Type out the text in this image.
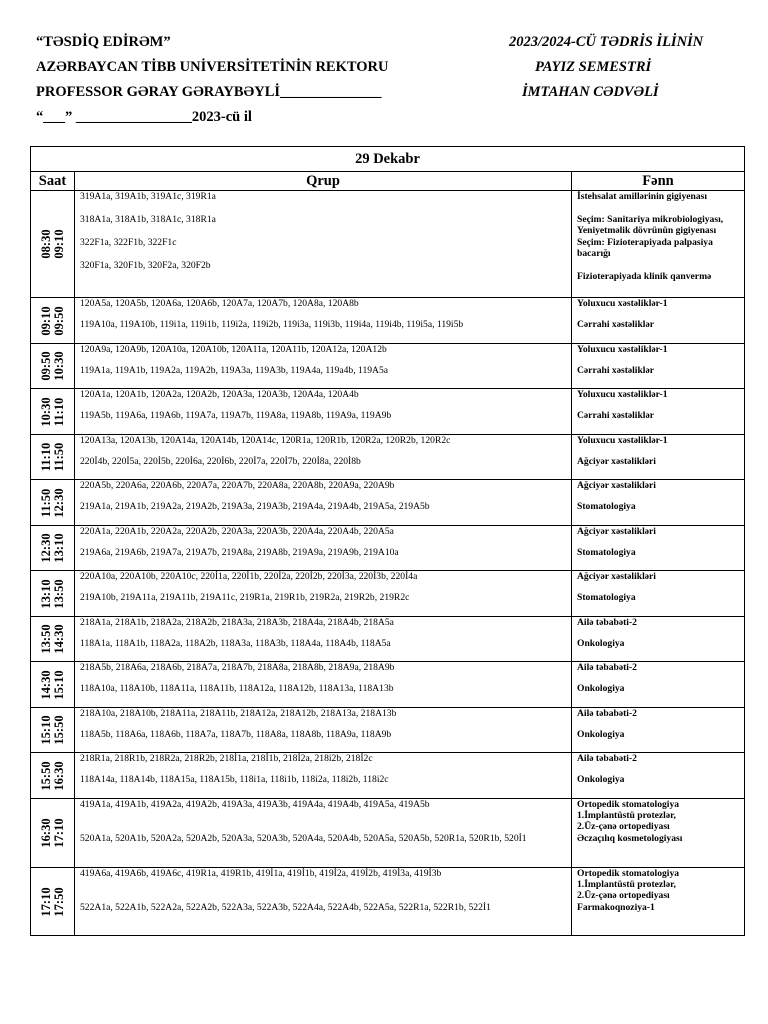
“TƏSDİQ EDİRƏM”
AZƏRBAYCAN TİBB UNİVERSİTETİNİN REKTORU
PROFESSOR GƏRAY GƏRAYBƏYLİ______________
“___” ________________2023-cü il
2023/2024-CÜ TƏDRİS İLİNİN
PAYIZ SEMESTRİ
İMTAHAN CƏDVƏLİ
29 Dekabr		
Saat	Qrup	Fənn

08:30
09:10	319A1a, 319A1b, 319A1c, 319R1a
318A1a, 318A1b, 318A1c, 318R1a
322F1a, 322F1b, 322F1c
320F1a, 320F1b, 320F2a, 320F2b	İstehsalat amillərinin gigiyenası
Seçim: Sanitariya mikrobiologiyası, Yeniyetməlik dövrünün gigiyenası
Seçim: Fizioterapiyada palpasiya bacarığı
Fizioterapiyada klinik qanvermə

09:10
09:50	120A5a, 120A5b, 120A6a, 120A6b, 120A7a, 120A7b, 120A8a, 120A8b
119A10a, 119A10b, 119i1a, 119i1b, 119i2a, 119i2b, 119i3a, 119i3b, 119i4a, 119i4b, 119i5a, 119i5b	Yoluxucu xəstəliklər-1
Cərrahi xəstəliklər

09:50
10:30	120A9a, 120A9b, 120A10a, 120A10b, 120A11a, 120A11b, 120A12a, 120A12b
119A1a, 119A1b, 119A2a, 119A2b, 119A3a, 119A3b, 119A4a, 119a4b, 119A5a	Yoluxucu xəstəliklər-1
Cərrahi xəstəliklər

10:30
11:10	120A1a, 120A1b, 120A2a, 120A2b, 120A3a, 120A3b, 120A4a, 120A4b
119A5b, 119A6a, 119A6b, 119A7a, 119A7b, 119A8a, 119A8b, 119A9a, 119A9b	Yoluxucu xəstəliklər-1
Cərrahi xəstəliklər

11:10
11:50	120A13a, 120A13b, 120A14a, 120A14b, 120A14c, 120R1a, 120R1b, 120R2a, 120R2b, 120R2c
220İ4b, 220İ5a, 220İ5b, 220İ6a, 220İ6b, 220İ7a, 220İ7b, 220İ8a, 220İ8b	Yoluxucu xəstəliklər-1
Ağciyər xəstəlikləri

11:50
12:30	220A5b, 220A6a, 220A6b, 220A7a, 220A7b, 220A8a, 220A8b, 220A9a, 220A9b
219A1a, 219A1b, 219A2a, 219A2b, 219A3a, 219A3b, 219A4a, 219A4b, 219A5a, 219A5b	Ağciyər xəstəlikləri
Stomatologiya

12:30
13:10	220A1a, 220A1b, 220A2a, 220A2b, 220A3a, 220A3b, 220A4a, 220A4b, 220A5a
219A6a, 219A6b, 219A7a, 219A7b, 219A8a, 219A8b, 219A9a, 219A9b, 219A10a	Ağciyər xəstəlikləri
Stomatologiya

13:10
13:50	220A10a, 220A10b, 220A10c, 220İ1a, 220İ1b, 220İ2a, 220İ2b, 220İ3a, 220İ3b, 220İ4a
219A10b, 219A11a, 219A11b, 219A11c, 219R1a, 219R1b, 219R2a, 219R2b, 219R2c	Ağciyər xəstəlikləri
Stomatologiya

13:50
14:30	218A1a, 218A1b, 218A2a, 218A2b, 218A3a, 218A3b, 218A4a, 218A4b, 218A5a
118A1a, 118A1b, 118A2a, 118A2b, 118A3a, 118A3b, 118A4a, 118A4b, 118A5a	Ailə təbabəti-2
Onkologiya

14:30
15:10	218A5b, 218A6a, 218A6b, 218A7a, 218A7b, 218A8a, 218A8b, 218A9a, 218A9b
118A10a, 118A10b, 118A11a, 118A11b, 118A12a, 118A12b, 118A13a, 118A13b	Ailə təbabəti-2
Onkologiya

15:10
15:50	218A10a, 218A10b, 218A11a, 218A11b, 218A12a, 218A12b, 218A13a, 218A13b
118A5b, 118A6a, 118A6b, 118A7a, 118A7b, 118A8a, 118A8b, 118A9a, 118A9b	Ailə təbabəti-2
Onkologiya

15:50
16:30	218R1a, 218R1b, 218R2a, 218R2b, 218İ1a, 218İ1b, 218İ2a, 218i2b, 218İ2c
118A14a, 118A14b, 118A15a, 118A15b, 118i1a, 118i1b, 118i2a, 118i2b, 118i2c	Ailə təbabəti-2
Onkologiya

16:30
17:10	419A1a, 419A1b, 419A2a, 419A2b, 419A3a, 419A3b, 419A4a, 419A4b, 419A5a, 419A5b
520A1a, 520A1b, 520A2a, 520A2b, 520A3a, 520A3b, 520A4a, 520A4b, 520A5a, 520A5b, 520R1a, 520R1b, 520İ1	Ortopedik stomatologiya
1.İmplantüstü protezlər,
2.Üz-çənə ortopediyası
Əczaçılıq kosmetologiyası

17:10
17:50	419A6a, 419A6b, 419A6c, 419R1a, 419R1b, 419İ1a, 419İ1b, 419İ2a, 419İ2b, 419İ3a, 419İ3b
522A1a, 522A1b, 522A2a, 522A2b, 522A3a, 522A3b, 522A4a, 522A4b, 522A5a, 522R1a, 522R1b, 522İ1	Ortopedik stomatologiya
1.İmplantüstü protezlər,
2.Üz-çənə ortopediyası
Farmakoqnoziya-1
